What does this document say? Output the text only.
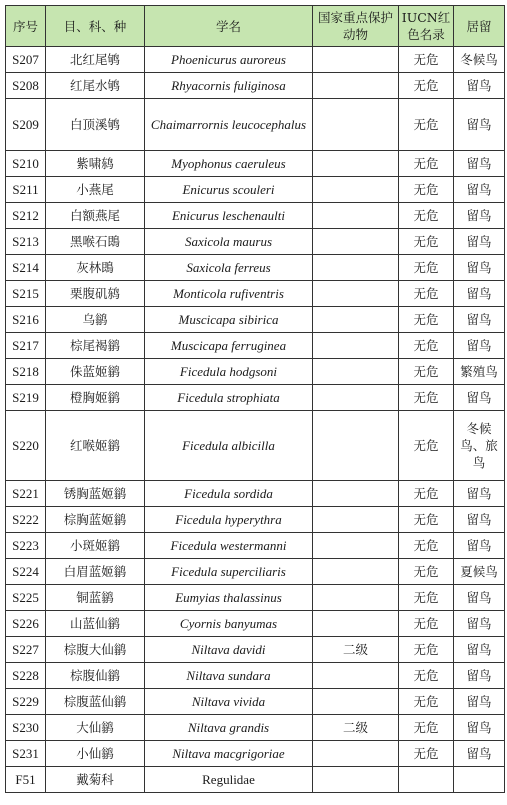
序号	目、科、种	学名	国家重点保护动物	IUCN红色名录	居留
S207	北红尾鸲	Phoenicurus auroreus		无危	冬候鸟
S208	红尾水鸲	Rhyacornis fuliginosa		无危	留鸟
S209	白顶溪鸲	Chaimarrornis leucocephalus		无危	留鸟
S210	紫啸鸫	Myophonus caeruleus		无危	留鸟
S211	小燕尾	Enicurus scouleri		无危	留鸟
S212	白额燕尾	Enicurus leschenaulti		无危	留鸟
S213	黑喉石鵖	Saxicola maurus		无危	留鸟
S214	灰林鵖	Saxicola ferreus		无危	留鸟
S215	栗腹矶鸫	Monticola rufiventris		无危	留鸟
S216	乌鹟	Muscicapa sibirica		无危	留鸟
S217	棕尾褐鹟	Muscicapa ferruginea		无危	留鸟
S218	侏蓝姬鹟	Ficedula hodgsoni		无危	繁殖鸟
S219	橙胸姬鹟	Ficedula strophiata		无危	留鸟
S220	红喉姬鹟	Ficedula albicilla		无危	冬候鸟、旅鸟
S221	锈胸蓝姬鹟	Ficedula sordida		无危	留鸟
S222	棕胸蓝姬鹟	Ficedula hyperythra		无危	留鸟
S223	小斑姬鹟	Ficedula westermanni		无危	留鸟
S224	白眉蓝姬鹟	Ficedula superciliaris		无危	夏候鸟
S225	铜蓝鹟	Eumyias thalassinus		无危	留鸟
S226	山蓝仙鹟	Cyornis banyumas		无危	留鸟
S227	棕腹大仙鹟	Niltava davidi	二级	无危	留鸟
S228	棕腹仙鹟	Niltava sundara		无危	留鸟
S229	棕腹蓝仙鹟	Niltava vivida		无危	留鸟
S230	大仙鹟	Niltava grandis	二级	无危	留鸟
S231	小仙鹟	Niltava macgrigoriae		无危	留鸟
F51	戴菊科	Regulidae			
